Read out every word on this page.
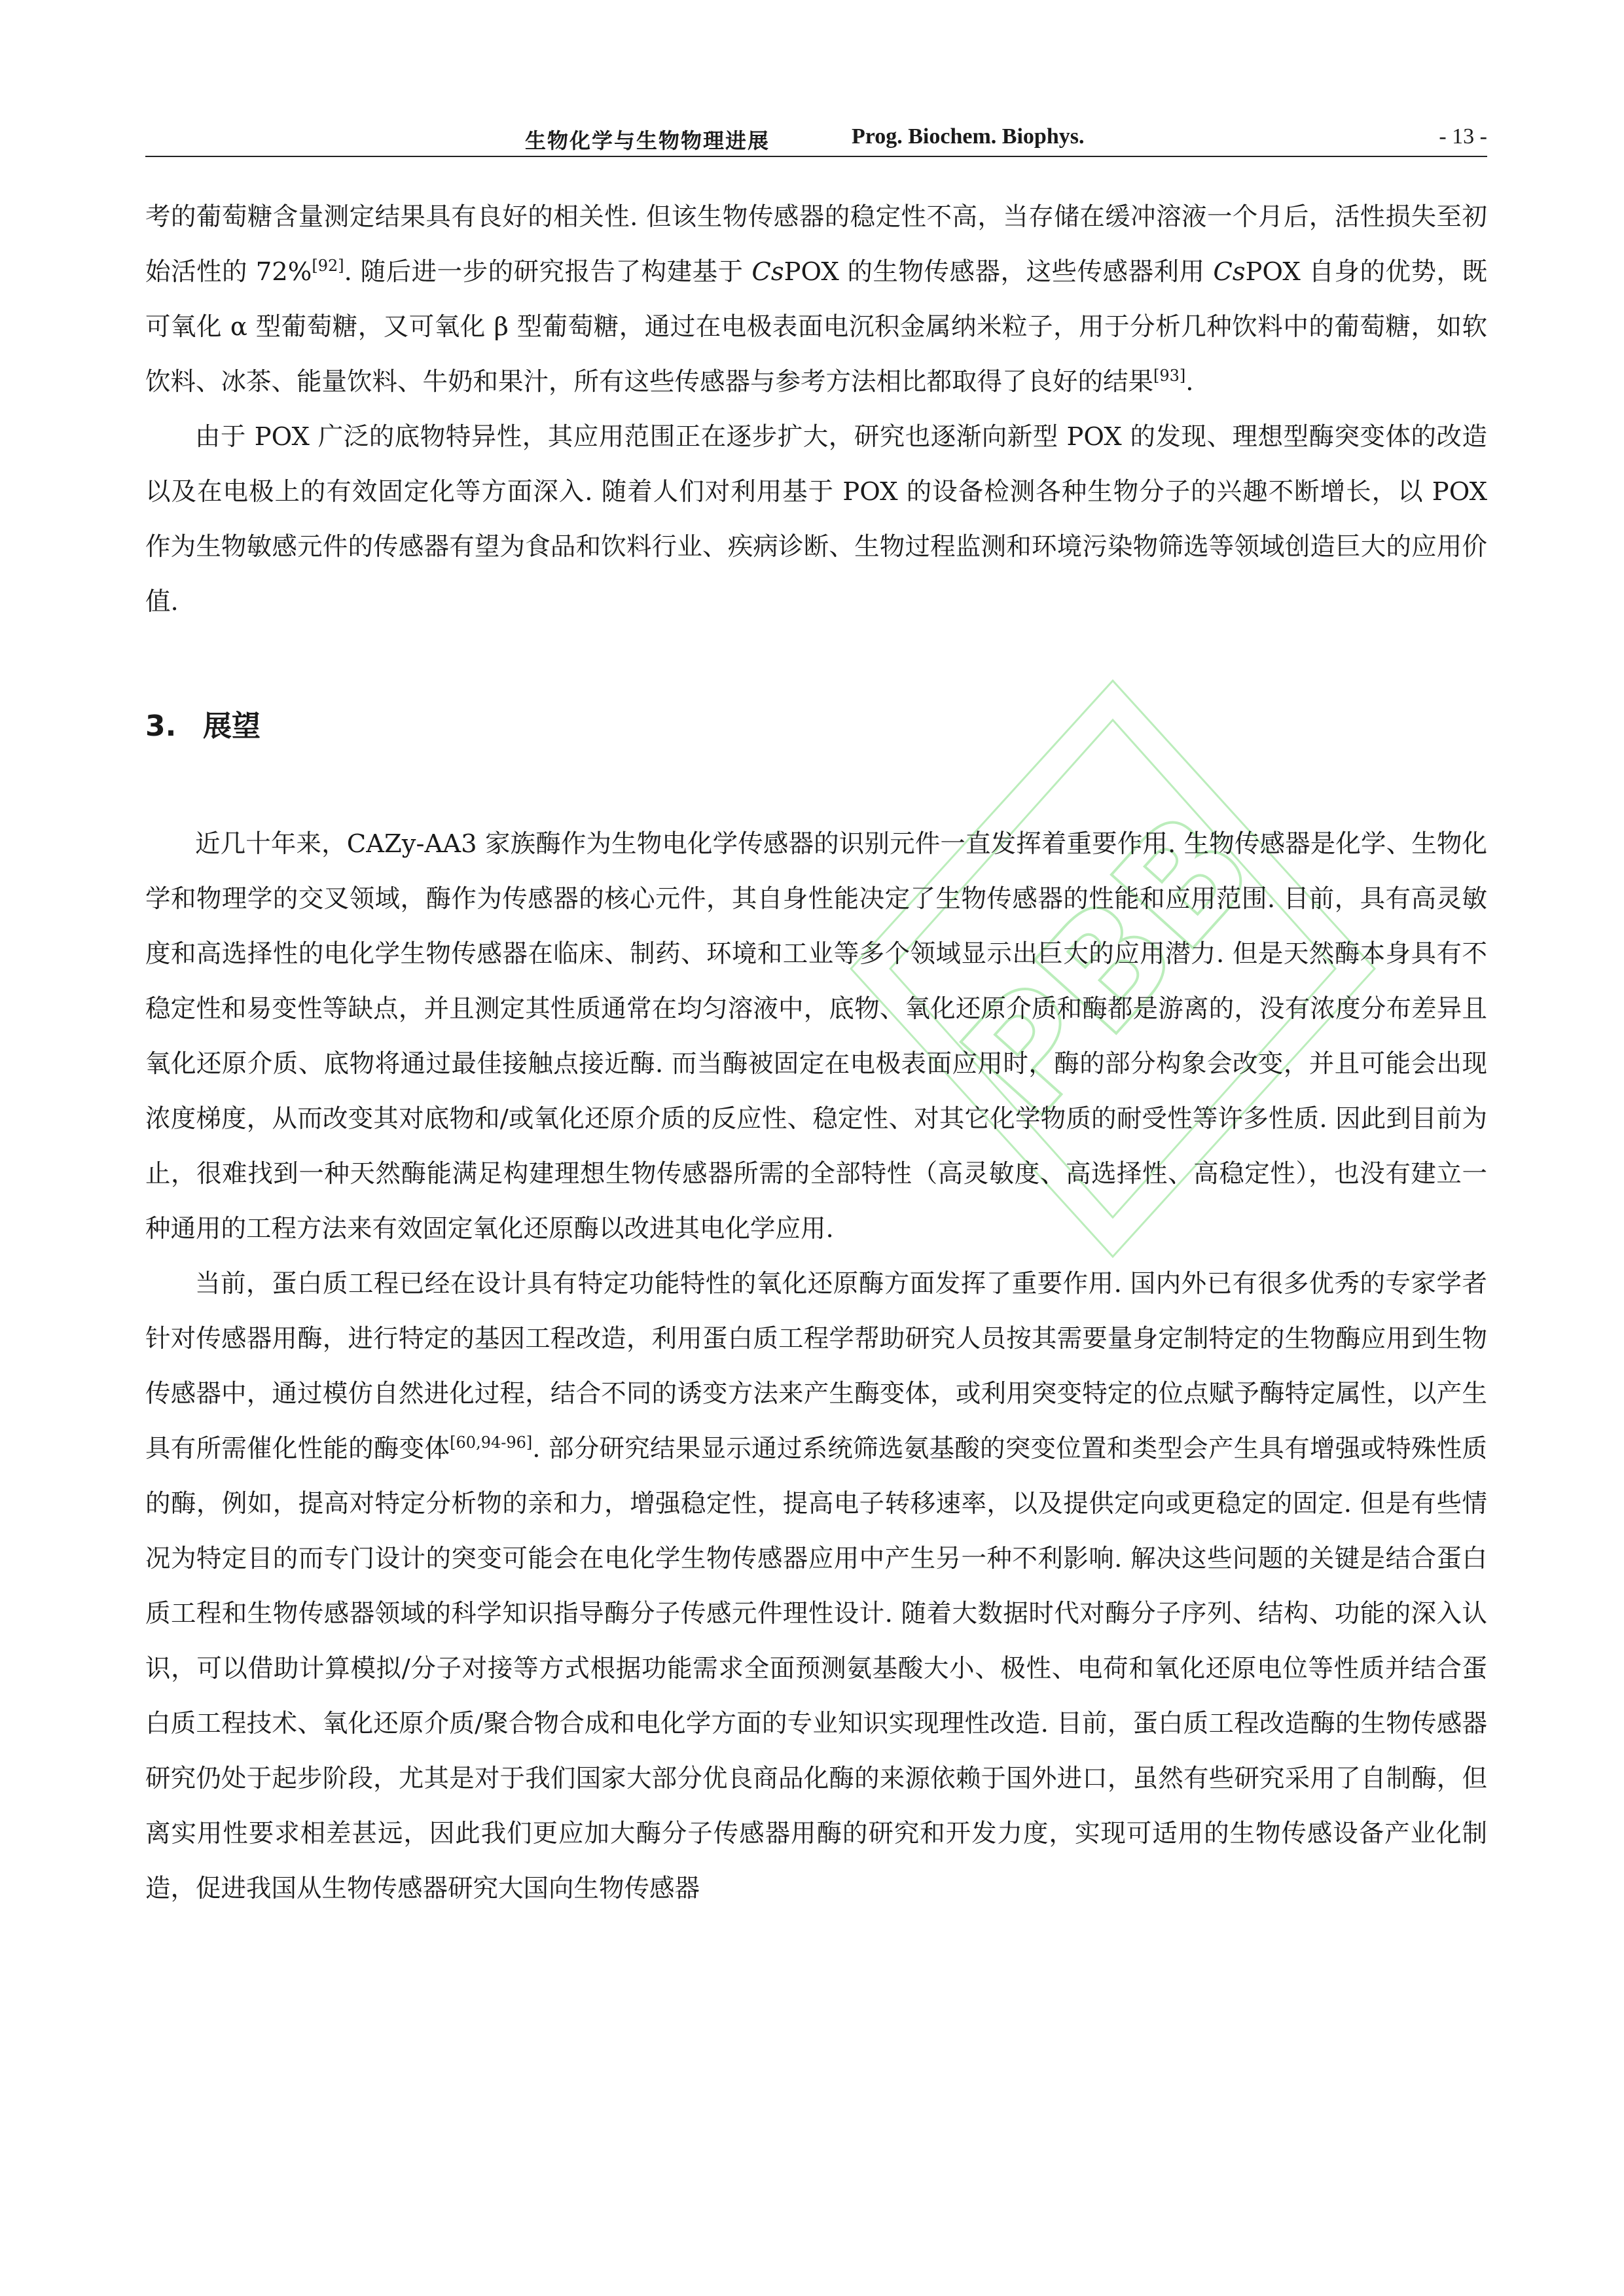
生物化学与生物物理进展	Prog. Biochem. Biophys.	- 13 -
PBB

考的葡萄糖含量测定结果具有良好的相关性. 但该生物传感器的稳定性不高，当存储在缓冲溶液一个月后，活性损失至初始活性的 72%[92]. 随后进一步的研究报告了构建基于 CsPOX 的生物传感器，这些传感器利用 CsPOX 自身的优势，既可氧化 α 型葡萄糖，又可氧化 β 型葡萄糖，通过在电极表面电沉积金属纳米粒子，用于分析几种饮料中的葡萄糖，如软饮料、冰茶、能量饮料、牛奶和果汁，所有这些传感器与参考方法相比都取得了良好的结果[93].

由于 POX 广泛的底物特异性，其应用范围正在逐步扩大，研究也逐渐向新型 POX 的发现、理想型酶突变体的改造以及在电极上的有效固定化等方面深入. 随着人们对利用基于 POX 的设备检测各种生物分子的兴趣不断增长，以 POX 作为生物敏感元件的传感器有望为食品和饮料行业、疾病诊断、生物过程监测和环境污染物筛选等领域创造巨大的应用价值.

3. 展望

近几十年来，CAZy-AA3 家族酶作为生物电化学传感器的识别元件一直发挥着重要作用. 生物传感器是化学、生物化学和物理学的交叉领域，酶作为传感器的核心元件，其自身性能决定了生物传感器的性能和应用范围. 目前，具有高灵敏度和高选择性的电化学生物传感器在临床、制药、环境和工业等多个领域显示出巨大的应用潜力. 但是天然酶本身具有不稳定性和易变性等缺点，并且测定其性质通常在均匀溶液中，底物、氧化还原介质和酶都是游离的，没有浓度分布差异且氧化还原介质、底物将通过最佳接触点接近酶. 而当酶被固定在电极表面应用时，酶的部分构象会改变，并且可能会出现浓度梯度，从而改变其对底物和/或氧化还原介质的反应性、稳定性、对其它化学物质的耐受性等许多性质. 因此到目前为止，很难找到一种天然酶能满足构建理想生物传感器所需的全部特性（高灵敏度、高选择性、高稳定性），也没有建立一种通用的工程方法来有效固定氧化还原酶以改进其电化学应用.

当前，蛋白质工程已经在设计具有特定功能特性的氧化还原酶方面发挥了重要作用. 国内外已有很多优秀的专家学者针对传感器用酶，进行特定的基因工程改造，利用蛋白质工程学帮助研究人员按其需要量身定制特定的生物酶应用到生物传感器中，通过模仿自然进化过程，结合不同的诱变方法来产生酶变体，或利用突变特定的位点赋予酶特定属性，以产生具有所需催化性能的酶变体[60,94-96]. 部分研究结果显示通过系统筛选氨基酸的突变位置和类型会产生具有增强或特殊性质的酶，例如，提高对特定分析物的亲和力，增强稳定性，提高电子转移速率，以及提供定向或更稳定的固定. 但是有些情况为特定目的而专门设计的突变可能会在电化学生物传感器应用中产生另一种不利影响. 解决这些问题的关键是结合蛋白质工程和生物传感器领域的科学知识指导酶分子传感元件理性设计. 随着大数据时代对酶分子序列、结构、功能的深入认识，可以借助计算模拟/分子对接等方式根据功能需求全面预测氨基酸大小、极性、电荷和氧化还原电位等性质并结合蛋白质工程技术、氧化还原介质/聚合物合成和电化学方面的专业知识实现理性改造. 目前，蛋白质工程改造酶的生物传感器研究仍处于起步阶段，尤其是对于我们国家大部分优良商品化酶的来源依赖于国外进口，虽然有些研究采用了自制酶，但离实用性要求相差甚远，因此我们更应加大酶分子传感器用酶的研究和开发力度，实现可适用的生物传感设备产业化制造，促进我国从生物传感器研究大国向生物传感器
